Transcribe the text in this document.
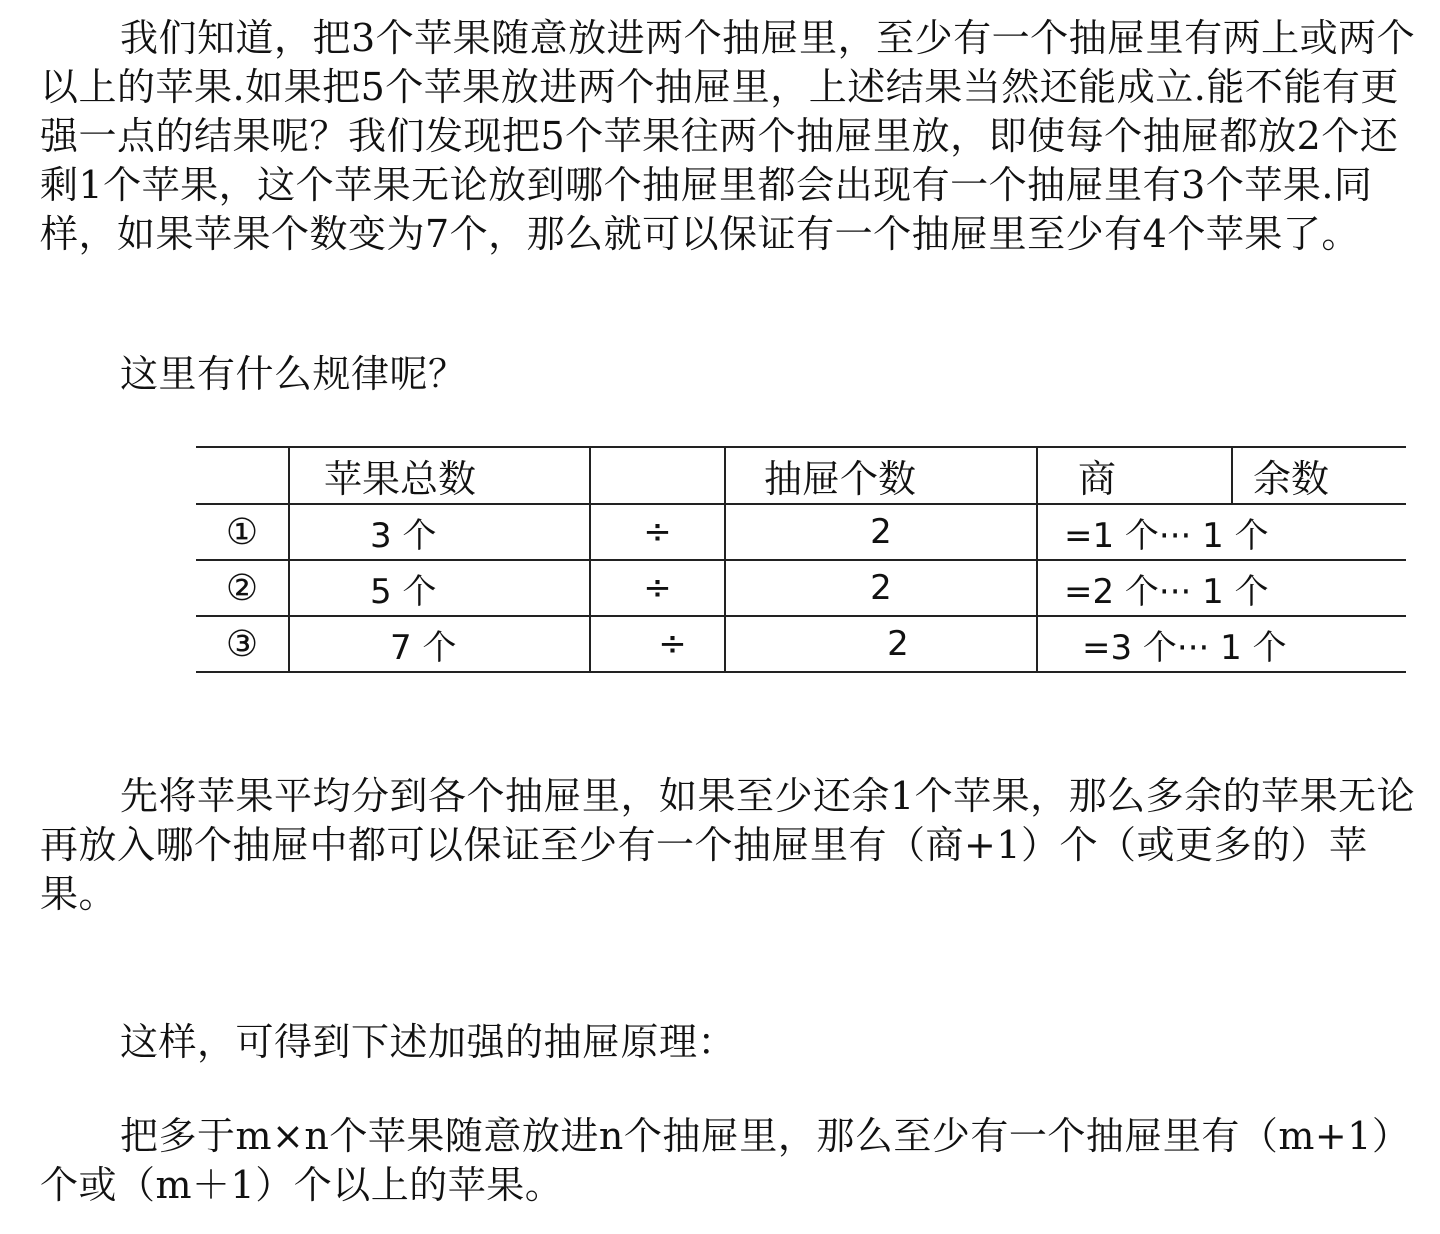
我们知道，把3个苹果随意放进两个抽屉里，至少有一个抽屉里有两上或两个以上的苹果.如果把5个苹果放进两个抽屉里，上述结果当然还能成立.能不能有更强一点的结果呢？我们发现把5个苹果往两个抽屉里放，即使每个抽屉都放2个还剩1个苹果，这个苹果无论放到哪个抽屉里都会出现有一个抽屉里有3个苹果.同样，如果苹果个数变为7个，那么就可以保证有一个抽屉里至少有4个苹果了。

这里有什么规律呢？

	苹果总数		抽屉个数	商	余数
①	3 个	÷	2	=1 个··· 1 个	
②	5 个	÷	2	=2 个··· 1 个	
③	7 个	÷	2	=3 个··· 1 个	

先将苹果平均分到各个抽屉里，如果至少还余1个苹果，那么多余的苹果无论再放入哪个抽屉中都可以保证至少有一个抽屉里有（商+1）个（或更多的）苹果。

这样，可得到下述加强的抽屉原理：

把多于m×n个苹果随意放进n个抽屉里，那么至少有一个抽屉里有（m+1）个或（m＋1）个以上的苹果。
